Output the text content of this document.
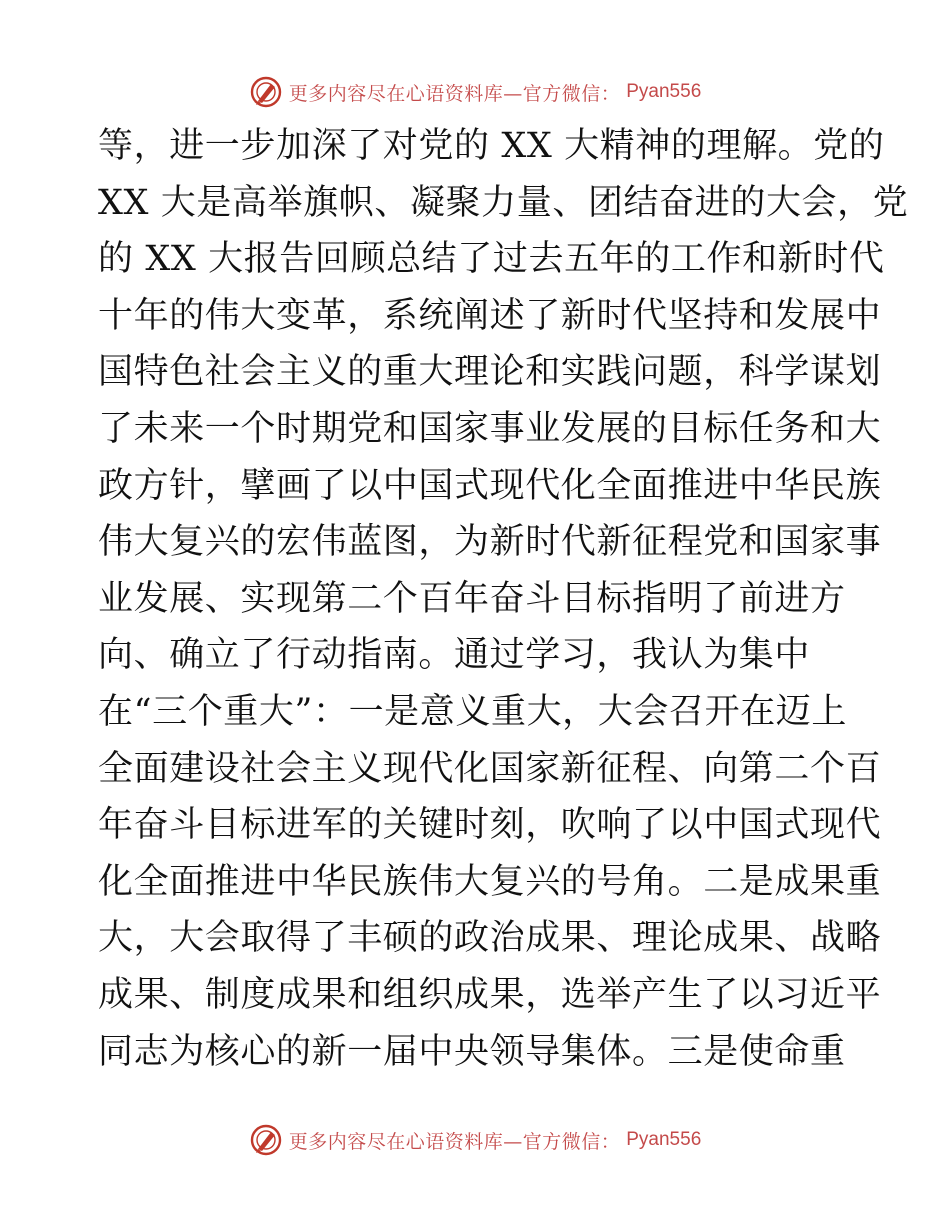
更多内容尽在心语资料库—官方微信： Pyan556
等，进一步加深了对党的 XX 大精神的理解。党的
XX 大是高举旗帜、凝聚力量、团结奋进的大会，党
的 XX 大报告回顾总结了过去五年的工作和新时代
十年的伟大变革，系统阐述了新时代坚持和发展中
国特色社会主义的重大理论和实践问题，科学谋划
了未来一个时期党和国家事业发展的目标任务和大
政方针，擘画了以中国式现代化全面推进中华民族
伟大复兴的宏伟蓝图，为新时代新征程党和国家事
业发展、实现第二个百年奋斗目标指明了前进方
向、确立了行动指南。通过学习，我认为集中
在“三个重大”：一是意义重大，大会召开在迈上
全面建设社会主义现代化国家新征程、向第二个百
年奋斗目标进军的关键时刻，吹响了以中国式现代
化全面推进中华民族伟大复兴的号角。二是成果重
大，大会取得了丰硕的政治成果、理论成果、战略
成果、制度成果和组织成果，选举产生了以习近平
同志为核心的新一届中央领导集体。三是使命重
更多内容尽在心语资料库—官方微信： Pyan556
